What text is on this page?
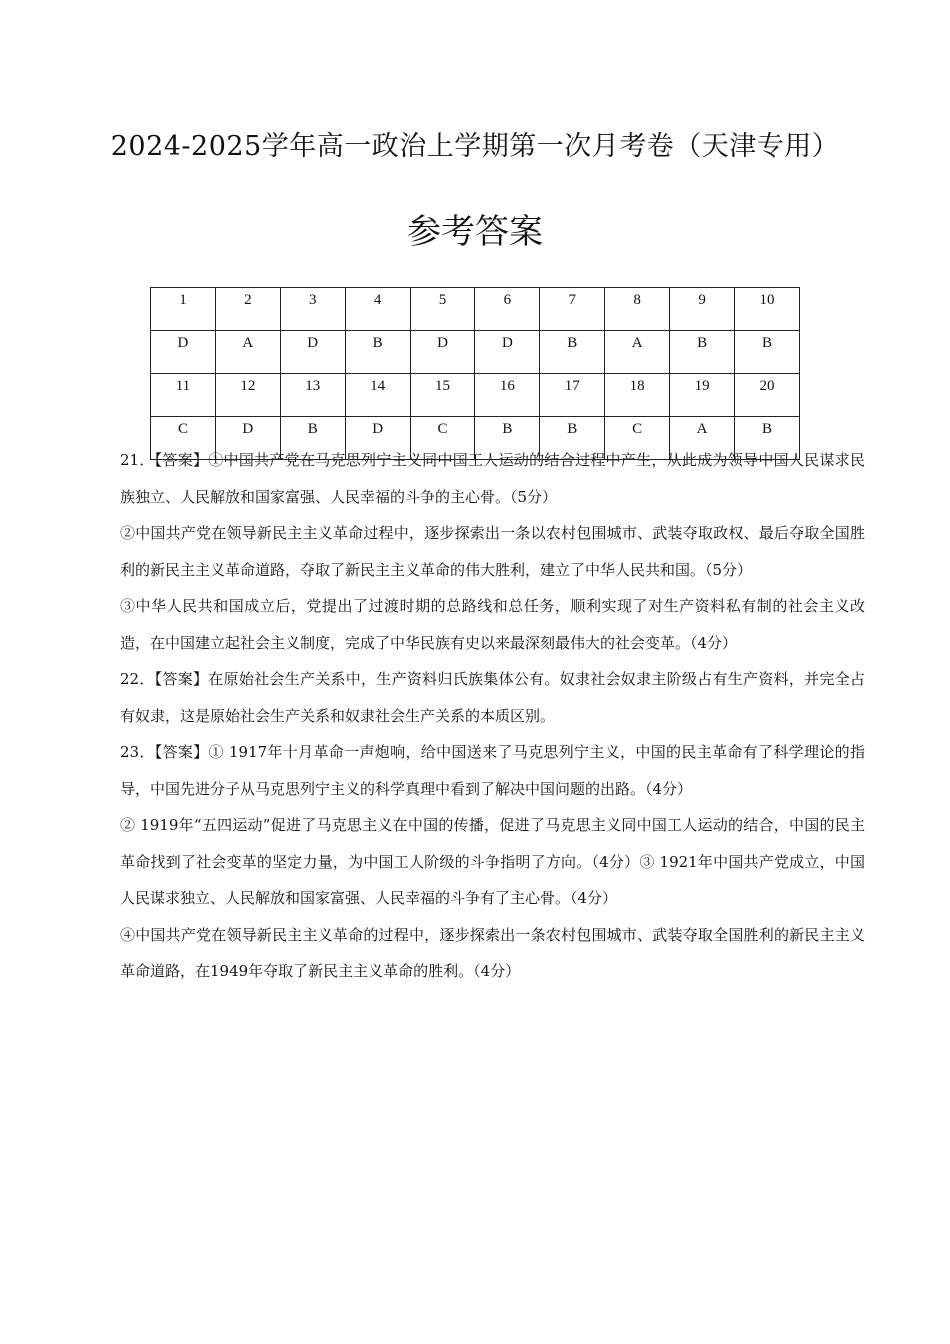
2024-2025学年高一政治上学期第一次月考卷（天津专用）
参考答案
1	2	3	4	5	6	7	8	9	10
D	A	D	B	D	D	B	A	B	B
11	12	13	14	15	16	17	18	19	20
C	D	B	D	C	B	B	C	A	B

21．【答案】①中国共产党在马克思列宁主义同中国工人运动的结合过程中产生，从此成为领导中国人民谋求民族独立、人民解放和国家富强、人民幸福的斗争的主心骨。（5分）

②中国共产党在领导新民主主义革命过程中，逐步探索出一条以农村包围城市、武装夺取政权、最后夺取全国胜利的新民主主义革命道路，夺取了新民主主义革命的伟大胜利，建立了中华人民共和国。（5分）

③中华人民共和国成立后，党提出了过渡时期的总路线和总任务，顺利实现了对生产资料私有制的社会主义改造，在中国建立起社会主义制度，完成了中华民族有史以来最深刻最伟大的社会变革。（4分）

22．【答案】在原始社会生产关系中，生产资料归氏族集体公有。奴隶社会奴隶主阶级占有生产资料，并完全占有奴隶，这是原始社会生产关系和奴隶社会生产关系的本质区别。

23．【答案】① 1917年十月革命一声炮响，给中国送来了马克思列宁主义，中国的民主革命有了科学理论的指导，中国先进分子从马克思列宁主义的科学真理中看到了解决中国问题的出路。（4分）

② 1919年“五四运动”促进了马克思主义在中国的传播，促进了马克思主义同中国工人运动的结合，中国的民主革命找到了社会变革的坚定力量，为中国工人阶级的斗争指明了方向。（4分）③ 1921年中国共产党成立，中国人民谋求独立、人民解放和国家富强、人民幸福的斗争有了主心骨。（4分）

④中国共产党在领导新民主主义革命的过程中，逐步探索出一条农村包围城市、武装夺取全国胜利的新民主主义革命道路，在1949年夺取了新民主主义革命的胜利。（4分）
